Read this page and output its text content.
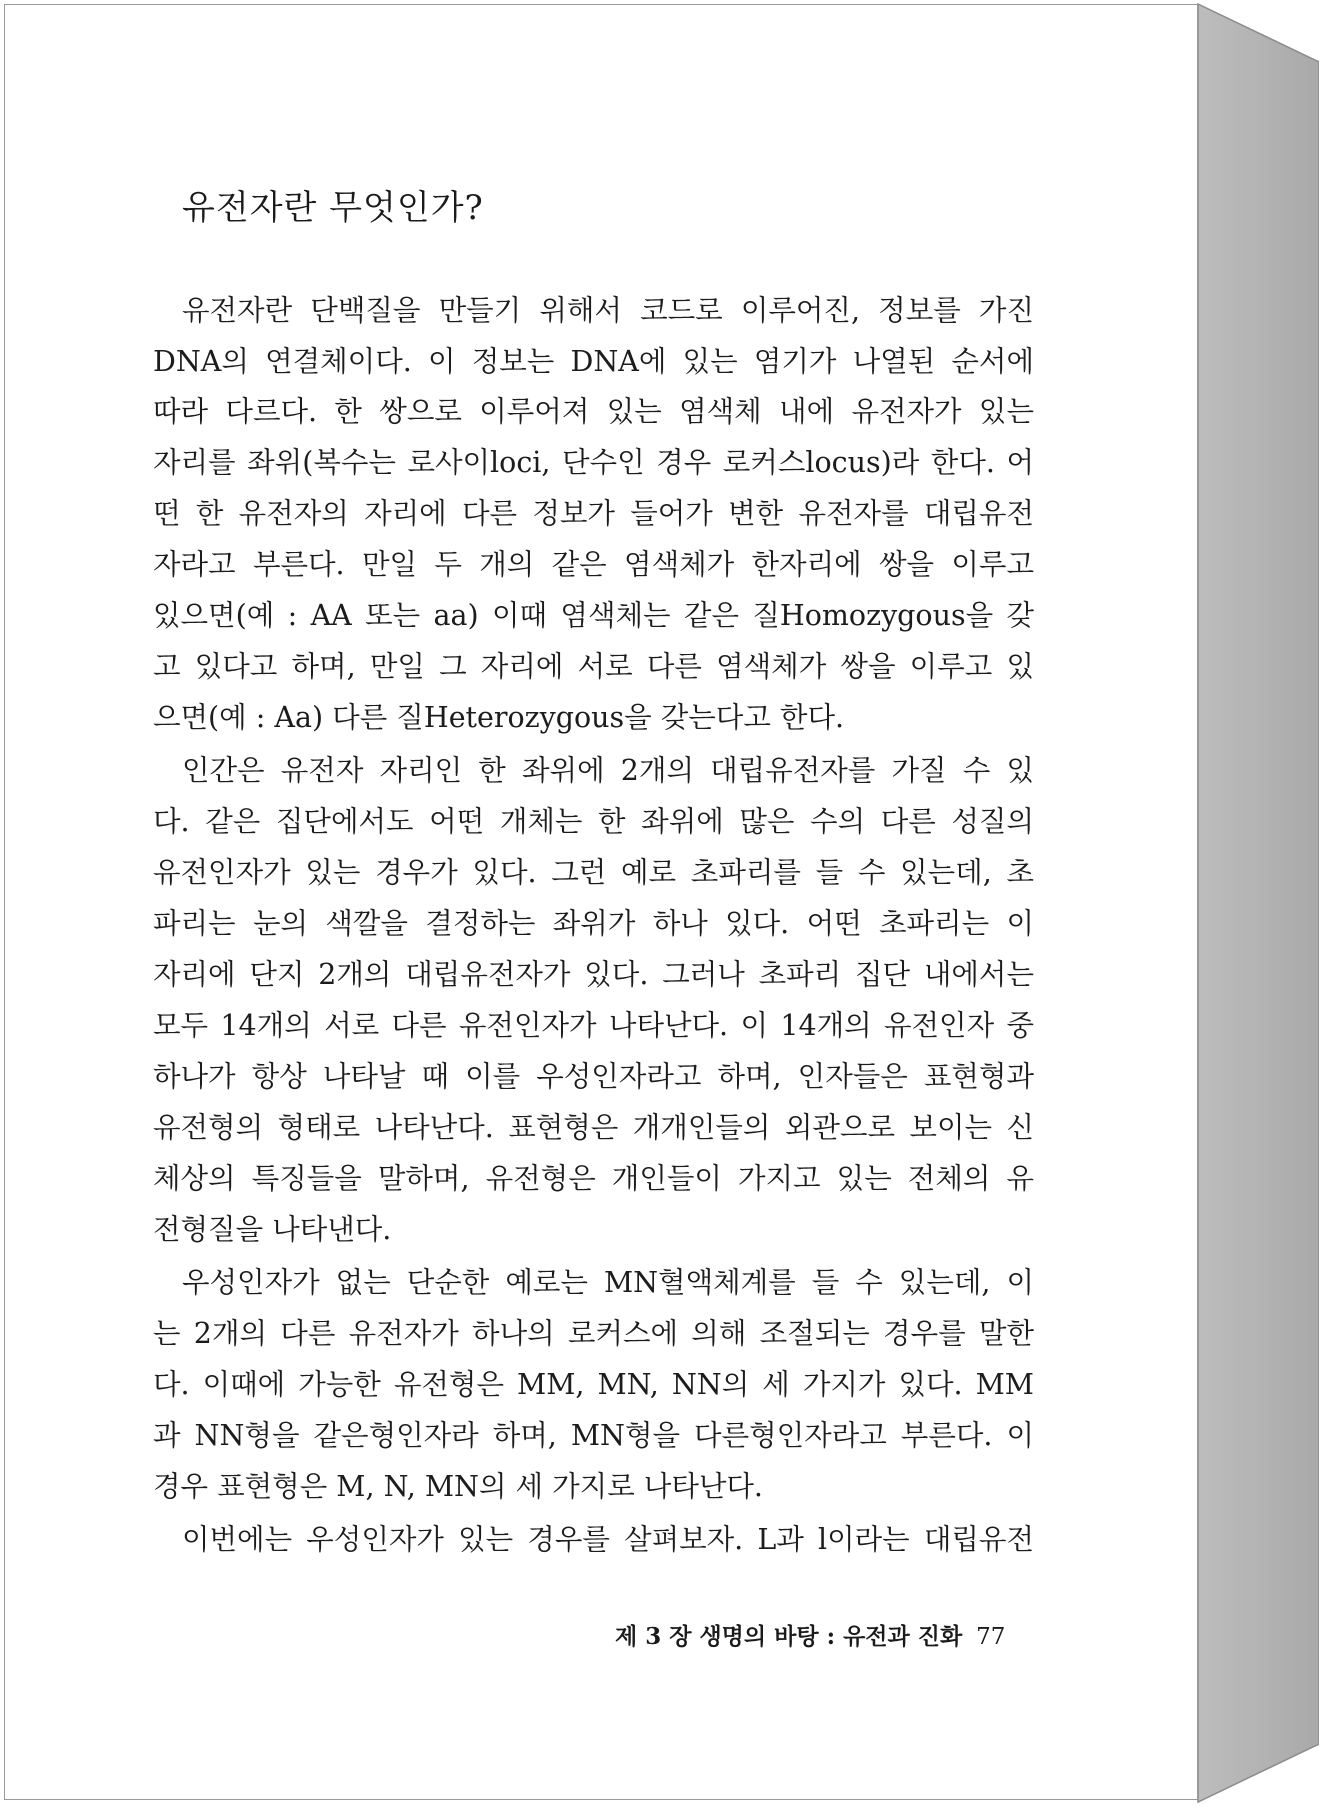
유전자란 무엇인가?
유전자란 단백질을 만들기 위해서 코드로 이루어진, 정보를 가진
DNA의 연결체이다. 이 정보는 DNA에 있는 염기가 나열된 순서에
따라 다르다. 한 쌍으로 이루어져 있는 염색체 내에 유전자가 있는
자리를 좌위(복수는 로사이loci, 단수인 경우 로커스locus)라 한다. 어
떤 한 유전자의 자리에 다른 정보가 들어가 변한 유전자를 대립유전
자라고 부른다. 만일 두 개의 같은 염색체가 한자리에 쌍을 이루고
있으면(예 : AA 또는 aa) 이때 염색체는 같은 질Homozygous을 갖
고 있다고 하며, 만일 그 자리에 서로 다른 염색체가 쌍을 이루고 있
으면(예 : Aa) 다른 질Heterozygous을 갖는다고 한다.
인간은 유전자 자리인 한 좌위에 2개의 대립유전자를 가질 수 있
다. 같은 집단에서도 어떤 개체는 한 좌위에 많은 수의 다른 성질의
유전인자가 있는 경우가 있다. 그런 예로 초파리를 들 수 있는데, 초
파리는 눈의 색깔을 결정하는 좌위가 하나 있다. 어떤 초파리는 이
자리에 단지 2개의 대립유전자가 있다. 그러나 초파리 집단 내에서는
모두 14개의 서로 다른 유전인자가 나타난다. 이 14개의 유전인자 중
하나가 항상 나타날 때 이를 우성인자라고 하며, 인자들은 표현형과
유전형의 형태로 나타난다. 표현형은 개개인들의 외관으로 보이는 신
체상의 특징들을 말하며, 유전형은 개인들이 가지고 있는 전체의 유
전형질을 나타낸다.
우성인자가 없는 단순한 예로는 MN혈액체계를 들 수 있는데, 이
는 2개의 다른 유전자가 하나의 로커스에 의해 조절되는 경우를 말한
다. 이때에 가능한 유전형은 MM, MN, NN의 세 가지가 있다. MM
과 NN형을 같은형인자라 하며, MN형을 다른형인자라고 부른다. 이
경우 표현형은 M, N, MN의 세 가지로 나타난다.
이번에는 우성인자가 있는 경우를 살펴보자. L과 l이라는 대립유전
제 3 장 생명의 바탕 : 유전과 진화 77
